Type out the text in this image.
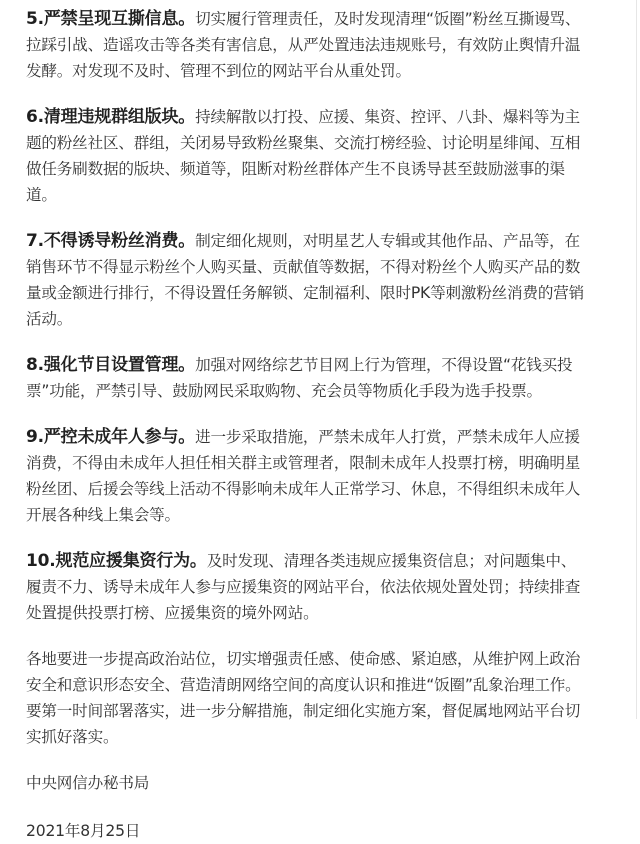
5.严禁呈现互撕信息。切实履行管理责任，及时发现清理“饭圈”粉丝互撕谩骂、拉踩引战、造谣攻击等各类有害信息，从严处置违法违规账号，有效防止舆情升温发酵。对发现不及时、管理不到位的网站平台从重处罚。

6.清理违规群组版块。持续解散以打投、应援、集资、控评、八卦、爆料等为主题的粉丝社区、群组，关闭易导致粉丝聚集、交流打榜经验、讨论明星绯闻、互相做任务刷数据的版块、频道等，阻断对粉丝群体产生不良诱导甚至鼓励滋事的渠道。

7.不得诱导粉丝消费。制定细化规则，对明星艺人专辑或其他作品、产品等，在销售环节不得显示粉丝个人购买量、贡献值等数据，不得对粉丝个人购买产品的数量或金额进行排行，不得设置任务解锁、定制福利、限时PK等刺激粉丝消费的营销活动。

8.强化节目设置管理。加强对网络综艺节目网上行为管理，不得设置“花钱买投票”功能，严禁引导、鼓励网民采取购物、充会员等物质化手段为选手投票。

9.严控未成年人参与。进一步采取措施，严禁未成年人打赏，严禁未成年人应援消费，不得由未成年人担任相关群主或管理者，限制未成年人投票打榜，明确明星粉丝团、后援会等线上活动不得影响未成年人正常学习、休息，不得组织未成年人开展各种线上集会等。

10.规范应援集资行为。及时发现、清理各类违规应援集资信息；对问题集中、履责不力、诱导未成年人参与应援集资的网站平台，依法依规处置处罚；持续排查处置提供投票打榜、应援集资的境外网站。

各地要进一步提高政治站位，切实增强责任感、使命感、紧迫感，从维护网上政治安全和意识形态安全、营造清朗网络空间的高度认识和推进“饭圈”乱象治理工作。要第一时间部署落实，进一步分解措施，制定细化实施方案，督促属地网站平台切实抓好落实。

中央网信办秘书局

2021年8月25日
